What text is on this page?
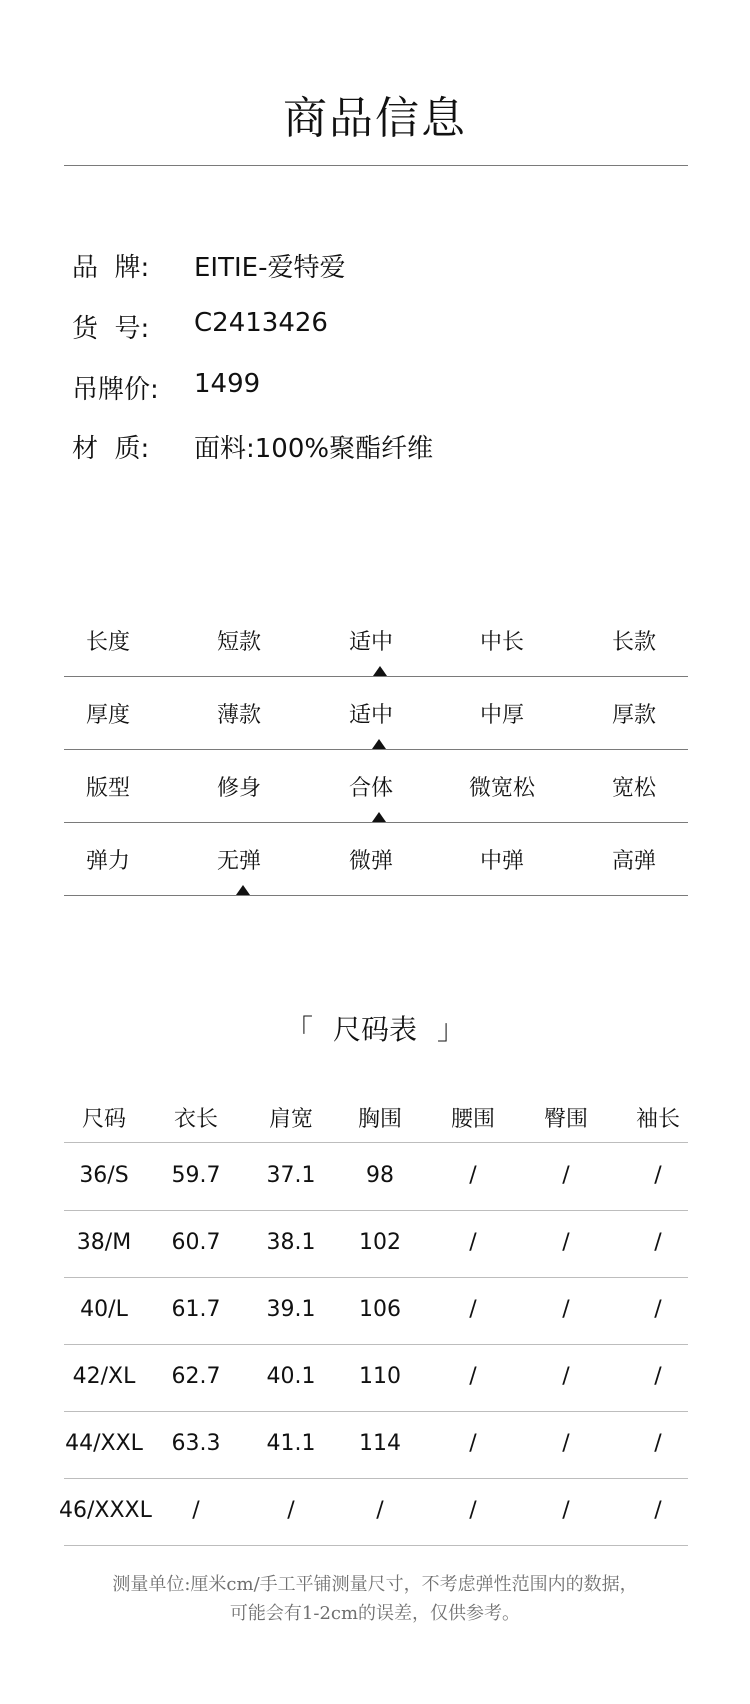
商品信息
品  牌:	EITIE-爱特爱
货  号:	C2413426
吊牌价:	1499
材  质:	面料:100%聚酯纤维
长度	短款	适中	中长	长款
厚度	薄款	适中	中厚	厚款
版型	修身	合体	微宽松	宽松
弹力	无弹	微弹	中弹	高弹
「 尺码表 」
尺码	衣长	肩宽	胸围	腰围	臀围	袖长
36/S	59.7	37.1	98	/	/	/
38/M	60.7	38.1	102	/	/	/
40/L	61.7	39.1	106	/	/	/
42/XL	62.7	40.1	110	/	/	/
44/XXL	63.3	41.1	114	/	/	/
46/XXXL	/	/	/	/	/	/
测量单位:厘米cm/手工平铺测量尺寸，不考虑弹性范围内的数据，
可能会有1-2cm的误差，仅供参考。
